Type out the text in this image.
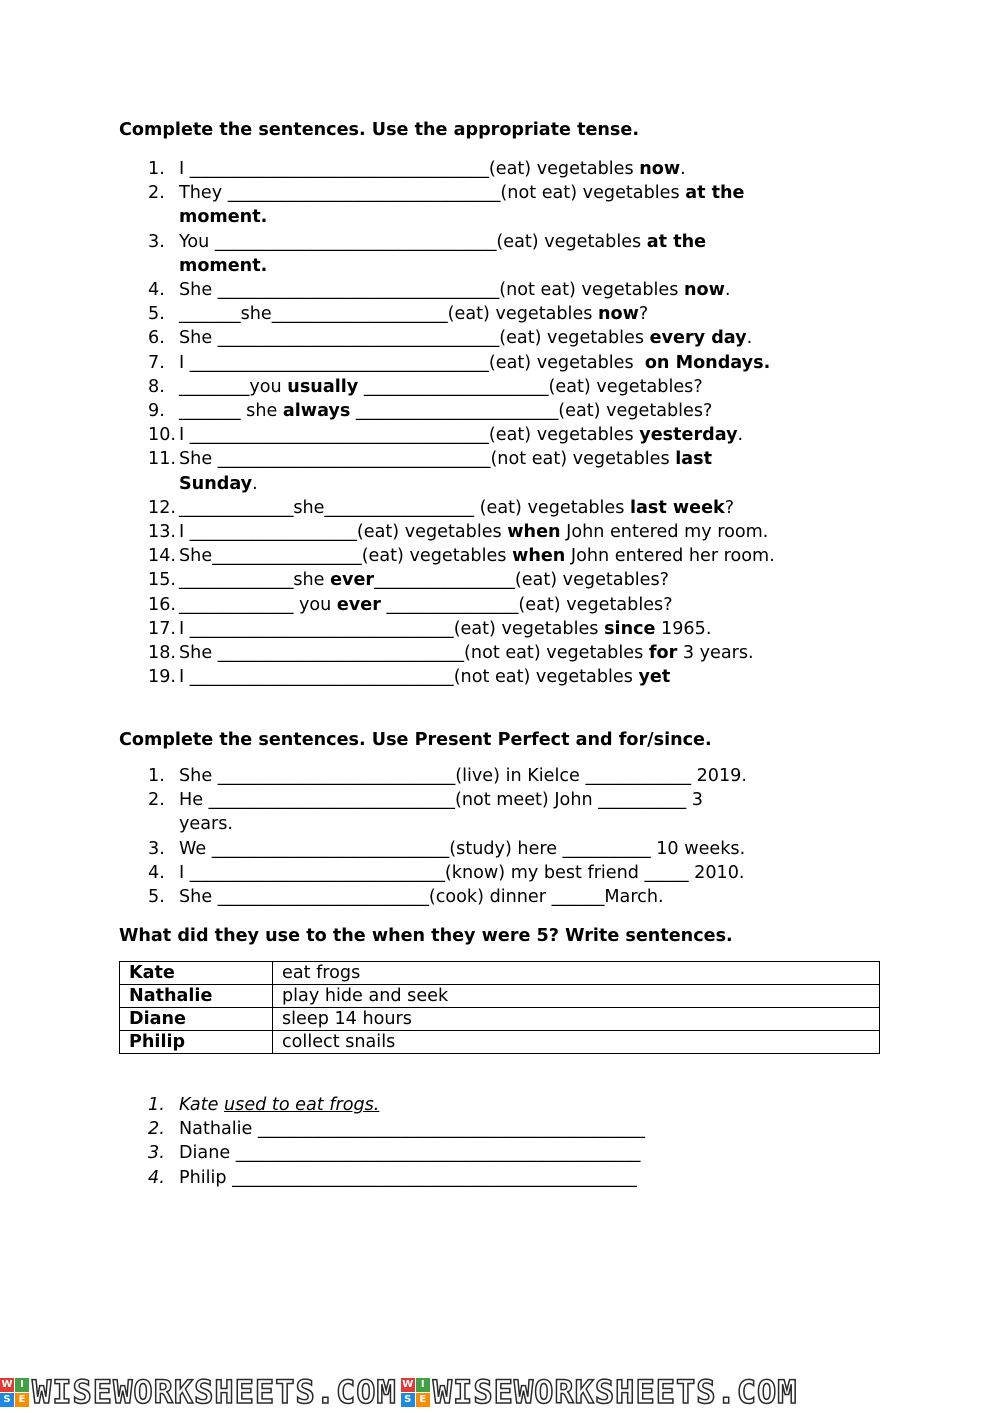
Complete the sentences. Use the appropriate tense.
1. I __________________________________(eat) vegetables now.
2. They _______________________________(not eat) vegetables at the
moment.
3. You ________________________________(eat) vegetables at the
moment.
4. She ________________________________(not eat) vegetables now.
5. _______she____________________(eat) vegetables now?
6. She ________________________________(eat) vegetables every day.
7. I __________________________________(eat) vegetables  on Mondays.
8. ________you usually _____________________(eat) vegetables?
9. _______ she always _______________________(eat) vegetables?
10. I __________________________________(eat) vegetables yesterday.
11. She _______________________________(not eat) vegetables last
Sunday.
12. _____________she_________________ (eat) vegetables last week?
13. I ___________________(eat) vegetables when John entered my room.
14. She_________________(eat) vegetables when John entered her room.
15. _____________she ever________________(eat) vegetables?
16. _____________ you ever _______________(eat) vegetables?
17. I ______________________________(eat) vegetables since 1965.
18. She ____________________________(not eat) vegetables for 3 years.
19. I ______________________________(not eat) vegetables yet
Complete the sentences. Use Present Perfect and for/since.
1. She ___________________________(live) in Kielce ____________ 2019.
2. He ____________________________(not meet) John __________ 3
years.
3. We ___________________________(study) here __________ 10 weeks.
4. I _____________________________(know) my best friend _____ 2010.
5. She ________________________(cook) dinner ______March.
What did they use to the when they were 5? Write sentences.
Kate	eat frogs
Nathalie	play hide and seek
Diane	sleep 14 hours
Philip	collect snails
1. Kate used to eat frogs.
2. Nathalie ____________________________________________
3. Diane ______________________________________________
4. Philip ______________________________________________
W I
S E WISEWORKSHEETS.COM W I
S E WISEWORKSHEETS.COM
